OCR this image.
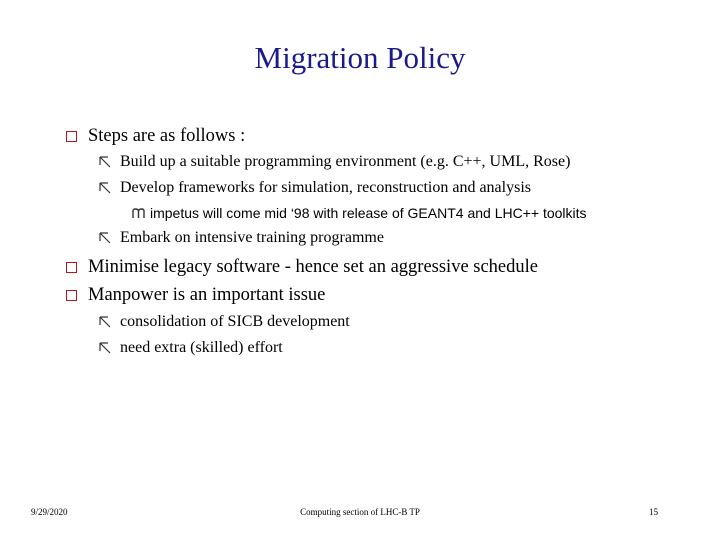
Migration Policy
Steps are as follows :
Build up a suitable programming environment (e.g. C++, UML, Rose)
Develop frameworks for simulation, reconstruction and analysis
impetus will come mid ‘98 with release of GEANT4 and LHC++ toolkits
Embark on intensive training programme
Minimise legacy software - hence set an aggressive schedule
Manpower is an important issue
consolidation of SICB development
need extra (skilled) effort
9/29/2020	Computing section of LHC-B TP	15
